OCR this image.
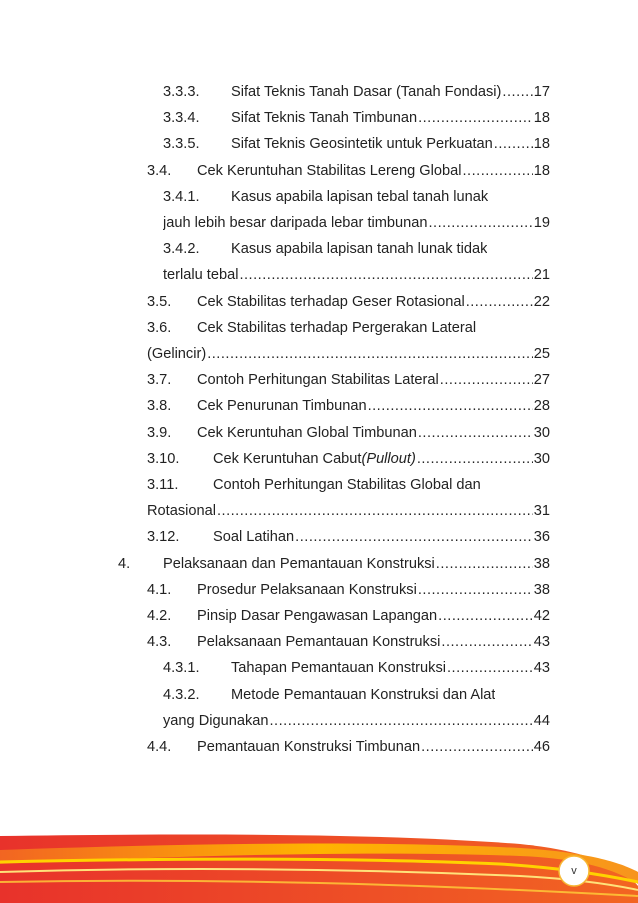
3.3.3. Sifat Teknis Tanah Dasar (Tanah Fondasi) ..... 17
3.3.4. Sifat Teknis Tanah Timbunan .....	18
3.3.5. Sifat Teknis Geosintetik untuk Perkuatan .....	18
3.4. Cek Keruntuhan Stabilitas Lereng Global .....	18
3.4.1. Kasus apabila lapisan tebal tanah lunak
jauh lebih besar daripada lebar timbunan .....	19
3.4.2. Kasus apabila lapisan tanah lunak tidak
terlalu tebal .....	21
3.5. Cek Stabilitas terhadap Geser Rotasional .....	22
3.6. Cek Stabilitas terhadap Pergerakan Lateral
(Gelincir) .....	25
3.7. Contoh Perhitungan Stabilitas Lateral .....	27
3.8. Cek Penurunan Timbunan .....	28
3.9. Cek Keruntuhan Global Timbunan .....	30
3.10. Cek Keruntuhan Cabut (Pullout) .....	30
3.11. Contoh Perhitungan Stabilitas Global dan
Rotasional .....	31
3.12. Soal Latihan .....	36
4. Pelaksanaan dan Pemantauan Konstruksi .....	38
4.1. Prosedur Pelaksanaan Konstruksi .....	38
4.2. Pinsip Dasar Pengawasan Lapangan .....	42
4.3. Pelaksanaan Pemantauan Konstruksi .....	43
4.3.1. Tahapan Pemantauan Konstruksi .....	43
4.3.2. Metode Pemantauan Konstruksi dan Alat
yang Digunakan .....	44
4.4. Pemantauan Konstruksi Timbunan .....	46
v
